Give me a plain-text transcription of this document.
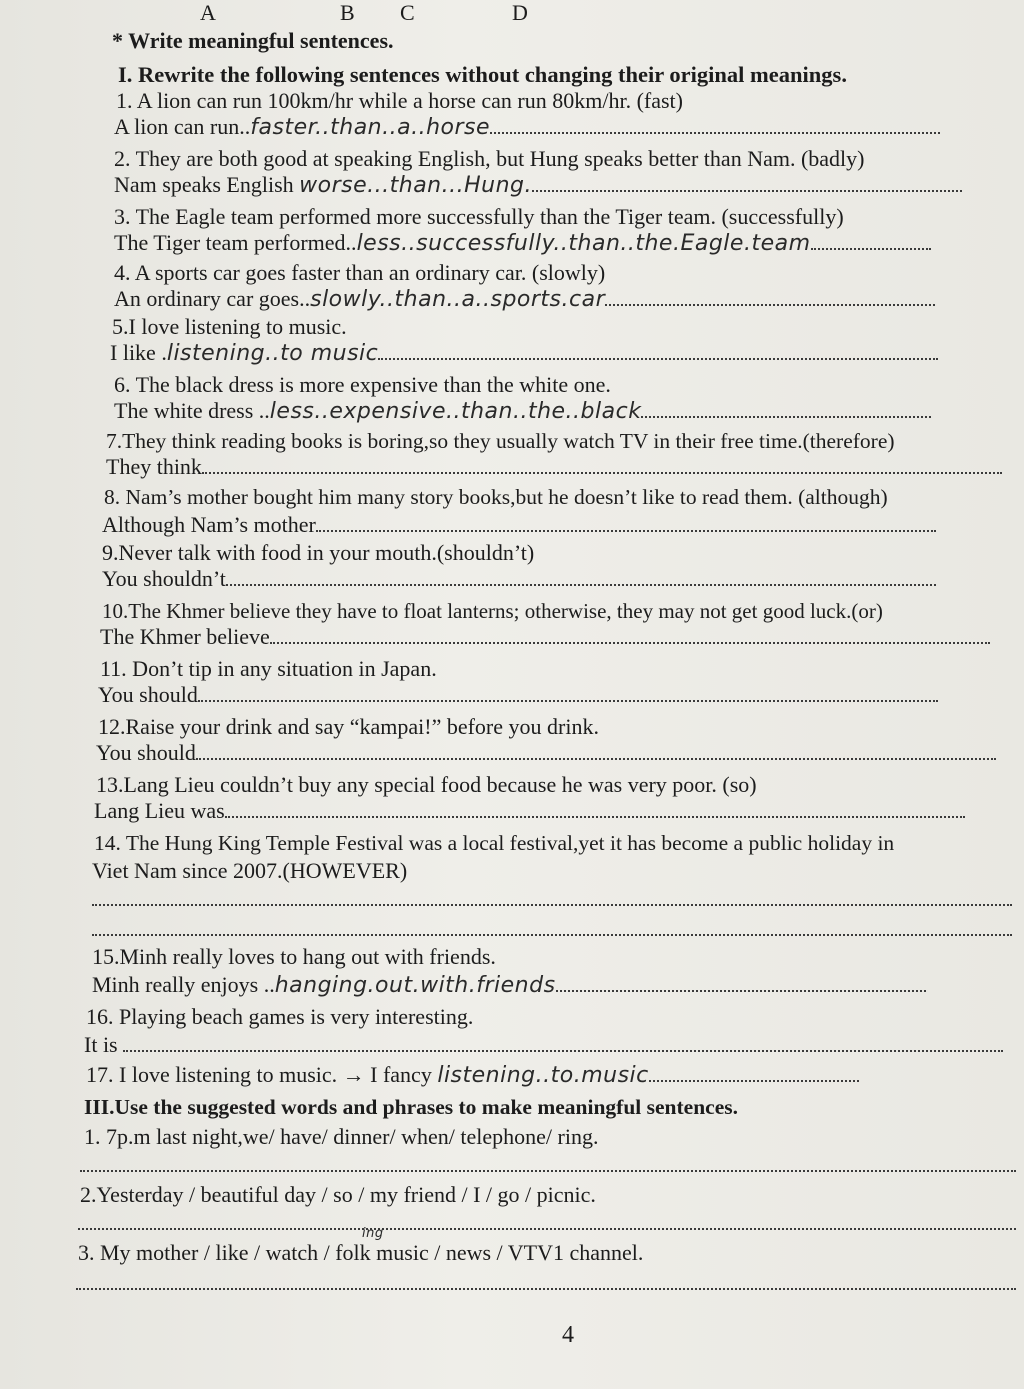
A	B C	D
* Write meaningful sentences.
I. Rewrite the following sentences without changing their original meanings.
1. A lion can run 100km/hr while a horse can run 80km/hr. (fast)
A lion can run..faster..than..a..horse
2. They are both good at speaking English, but Hung speaks better than Nam. (badly)
Nam speaks English worse...than...Hung.
3. The Eagle team performed more successfully than the Tiger team. (successfully)
The Tiger team performed..less..successfully..than..the.Eagle.team
4. A sports car goes faster than an ordinary car. (slowly)
An ordinary car goes..slowly..than..a..sports.car
5.I love listening to music.
I like .listening..to music
6. The black dress is more expensive than the white one.
The white dress ..less..expensive..than..the..black
7.They think reading books is boring,so they usually watch TV in their free time.(therefore)
They think
8. Nam’s mother bought him many story books,but he doesn’t like to read them. (although)
Although Nam’s mother
9.Never talk with food in your mouth.(shouldn’t)
You shouldn’t
10.The Khmer believe they have to float lanterns; otherwise, they may not get good luck.(or)
The Khmer believe
11. Don’t tip in any situation in Japan.
You should
12.Raise your drink and say “kampai!” before you drink.
You should
13.Lang Lieu couldn’t buy any special food because he was very poor. (so)
Lang Lieu was
14. The Hung King Temple Festival was a local festival,yet it has become a public holiday in
Viet Nam since 2007.(HOWEVER)
15.Minh really loves to hang out with friends.
Minh really enjoys ..hanging.out.with.friends
16. Playing beach games is very interesting.
It is
17. I love listening to music. → I fancy listening..to.music
III.Use the suggested words and phrases to make meaningful sentences.
1. 7p.m last night,we/ have/ dinner/ when/ telephone/ ring.
2.Yesterday / beautiful day / so / my friend / I / go / picnic.
3. My mother / like / watch / folk music / news / VTV1 channel.
ing
4
